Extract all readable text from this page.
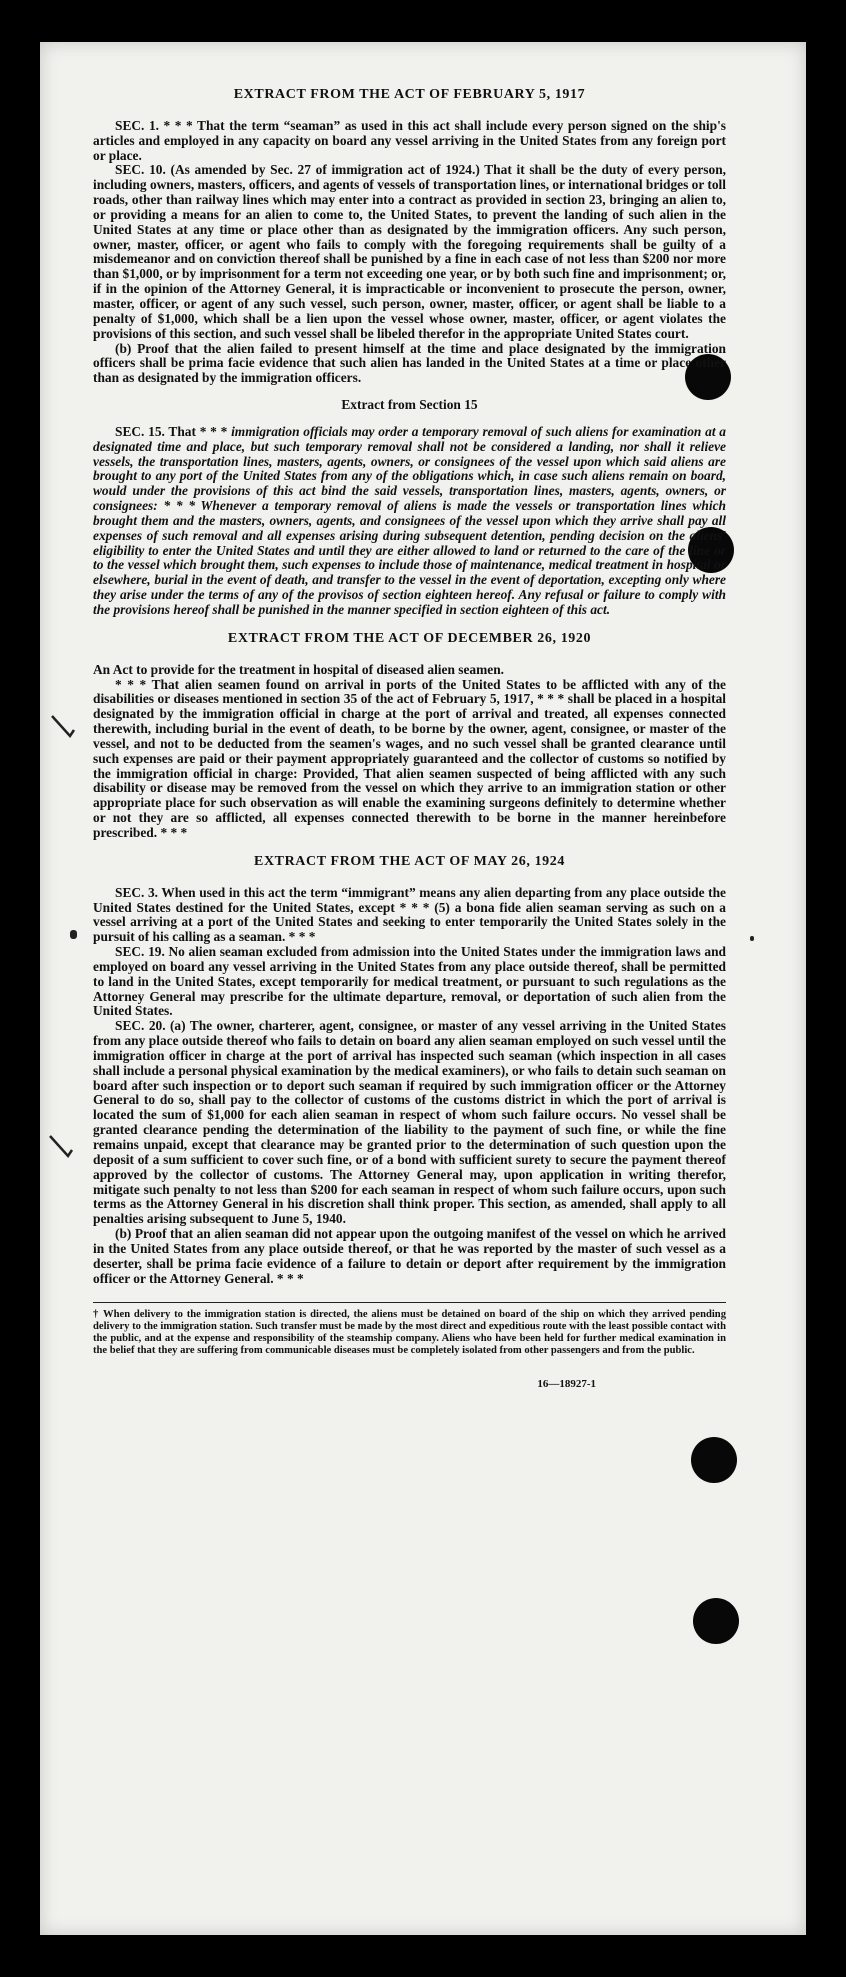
EXTRACT FROM THE ACT OF FEBRUARY 5, 1917

SEC. 1. * * * That the term “seaman” as used in this act shall include every person signed on the ship's articles and employed in any capacity on board any vessel arriving in the United States from any foreign port or place.

SEC. 10. (As amended by Sec. 27 of immigration act of 1924.) That it shall be the duty of every person, including owners, masters, officers, and agents of vessels of transportation lines, or international bridges or toll roads, other than railway lines which may enter into a contract as provided in section 23, bringing an alien to, or providing a means for an alien to come to, the United States, to prevent the landing of such alien in the United States at any time or place other than as designated by the immigration officers. Any such person, owner, master, officer, or agent who fails to comply with the foregoing requirements shall be guilty of a misdemeanor and on conviction thereof shall be punished by a fine in each case of not less than $200 nor more than $1,000, or by imprisonment for a term not exceeding one year, or by both such fine and imprisonment; or, if in the opinion of the Attorney General, it is impracticable or inconvenient to prosecute the person, owner, master, officer, or agent of any such vessel, such person, owner, master, officer, or agent shall be liable to a penalty of $1,000, which shall be a lien upon the vessel whose owner, master, officer, or agent violates the provisions of this section, and such vessel shall be libeled therefor in the appropriate United States court.

(b) Proof that the alien failed to present himself at the time and place designated by the immigration officers shall be prima facie evidence that such alien has landed in the United States at a time or place other than as designated by the immigration officers.

Extract from Section 15

SEC. 15. That * * * immigration officials may order a temporary removal of such aliens for examination at a designated time and place, but such temporary removal shall not be considered a landing, nor shall it relieve vessels, the transportation lines, masters, agents, owners, or consignees of the vessel upon which said aliens are brought to any port of the United States from any of the obligations which, in case such aliens remain on board, would under the provisions of this act bind the said vessels, transportation lines, masters, agents, owners, or consignees: * * * Whenever a temporary removal of aliens is made the vessels or transportation lines which brought them and the masters, owners, agents, and consignees of the vessel upon which they arrive shall pay all expenses of such removal and all expenses arising during subsequent detention, pending decision on the aliens' eligibility to enter the United States and until they are either allowed to land or returned to the care of the line or to the vessel which brought them, such expenses to include those of maintenance, medical treatment in hospital or elsewhere, burial in the event of death, and transfer to the vessel in the event of deportation, excepting only where they arise under the terms of any of the provisos of section eighteen hereof. Any refusal or failure to comply with the provisions hereof shall be punished in the manner specified in section eighteen of this act.

EXTRACT FROM THE ACT OF DECEMBER 26, 1920

An Act to provide for the treatment in hospital of diseased alien seamen.

* * * That alien seamen found on arrival in ports of the United States to be afflicted with any of the disabilities or diseases mentioned in section 35 of the act of February 5, 1917, * * * shall be placed in a hospital designated by the immigration official in charge at the port of arrival and treated, all expenses connected therewith, including burial in the event of death, to be borne by the owner, agent, consignee, or master of the vessel, and not to be deducted from the seamen's wages, and no such vessel shall be granted clearance until such expenses are paid or their payment appropriately guaranteed and the collector of customs so notified by the immigration official in charge: Provided, That alien seamen suspected of being afflicted with any such disability or disease may be removed from the vessel on which they arrive to an immigration station or other appropriate place for such observation as will enable the examining surgeons definitely to determine whether or not they are so afflicted, all expenses connected therewith to be borne in the manner hereinbefore prescribed. * * *

EXTRACT FROM THE ACT OF MAY 26, 1924

SEC. 3. When used in this act the term “immigrant” means any alien departing from any place outside the United States destined for the United States, except * * * (5) a bona fide alien seaman serving as such on a vessel arriving at a port of the United States and seeking to enter temporarily the United States solely in the pursuit of his calling as a seaman. * * *

SEC. 19. No alien seaman excluded from admission into the United States under the immigration laws and employed on board any vessel arriving in the United States from any place outside thereof, shall be permitted to land in the United States, except temporarily for medical treatment, or pursuant to such regulations as the Attorney General may prescribe for the ultimate departure, removal, or deportation of such alien from the United States.

SEC. 20. (a) The owner, charterer, agent, consignee, or master of any vessel arriving in the United States from any place outside thereof who fails to detain on board any alien seaman employed on such vessel until the immigration officer in charge at the port of arrival has inspected such seaman (which inspection in all cases shall include a personal physical examination by the medical examiners), or who fails to detain such seaman on board after such inspection or to deport such seaman if required by such immigration officer or the Attorney General to do so, shall pay to the collector of customs of the customs district in which the port of arrival is located the sum of $1,000 for each alien seaman in respect of whom such failure occurs. No vessel shall be granted clearance pending the determination of the liability to the payment of such fine, or while the fine remains unpaid, except that clearance may be granted prior to the determination of such question upon the deposit of a sum sufficient to cover such fine, or of a bond with sufficient surety to secure the payment thereof approved by the collector of customs. The Attorney General may, upon application in writing therefor, mitigate such penalty to not less than $200 for each seaman in respect of whom such failure occurs, upon such terms as the Attorney General in his discretion shall think proper. This section, as amended, shall apply to all penalties arising subsequent to June 5, 1940.

(b) Proof that an alien seaman did not appear upon the outgoing manifest of the vessel on which he arrived in the United States from any place outside thereof, or that he was reported by the master of such vessel as a deserter, shall be prima facie evidence of a failure to detain or deport after requirement by the immigration officer or the Attorney General. * * *

† When delivery to the immigration station is directed, the aliens must be detained on board of the ship on which they arrived pending delivery to the immigration station. Such transfer must be made by the most direct and expeditious route with the least possible contact with the public, and at the expense and responsibility of the steamship company. Aliens who have been held for further medical examination in the belief that they are suffering from communicable diseases must be completely isolated from other passengers and from the public.
16—18927-1
